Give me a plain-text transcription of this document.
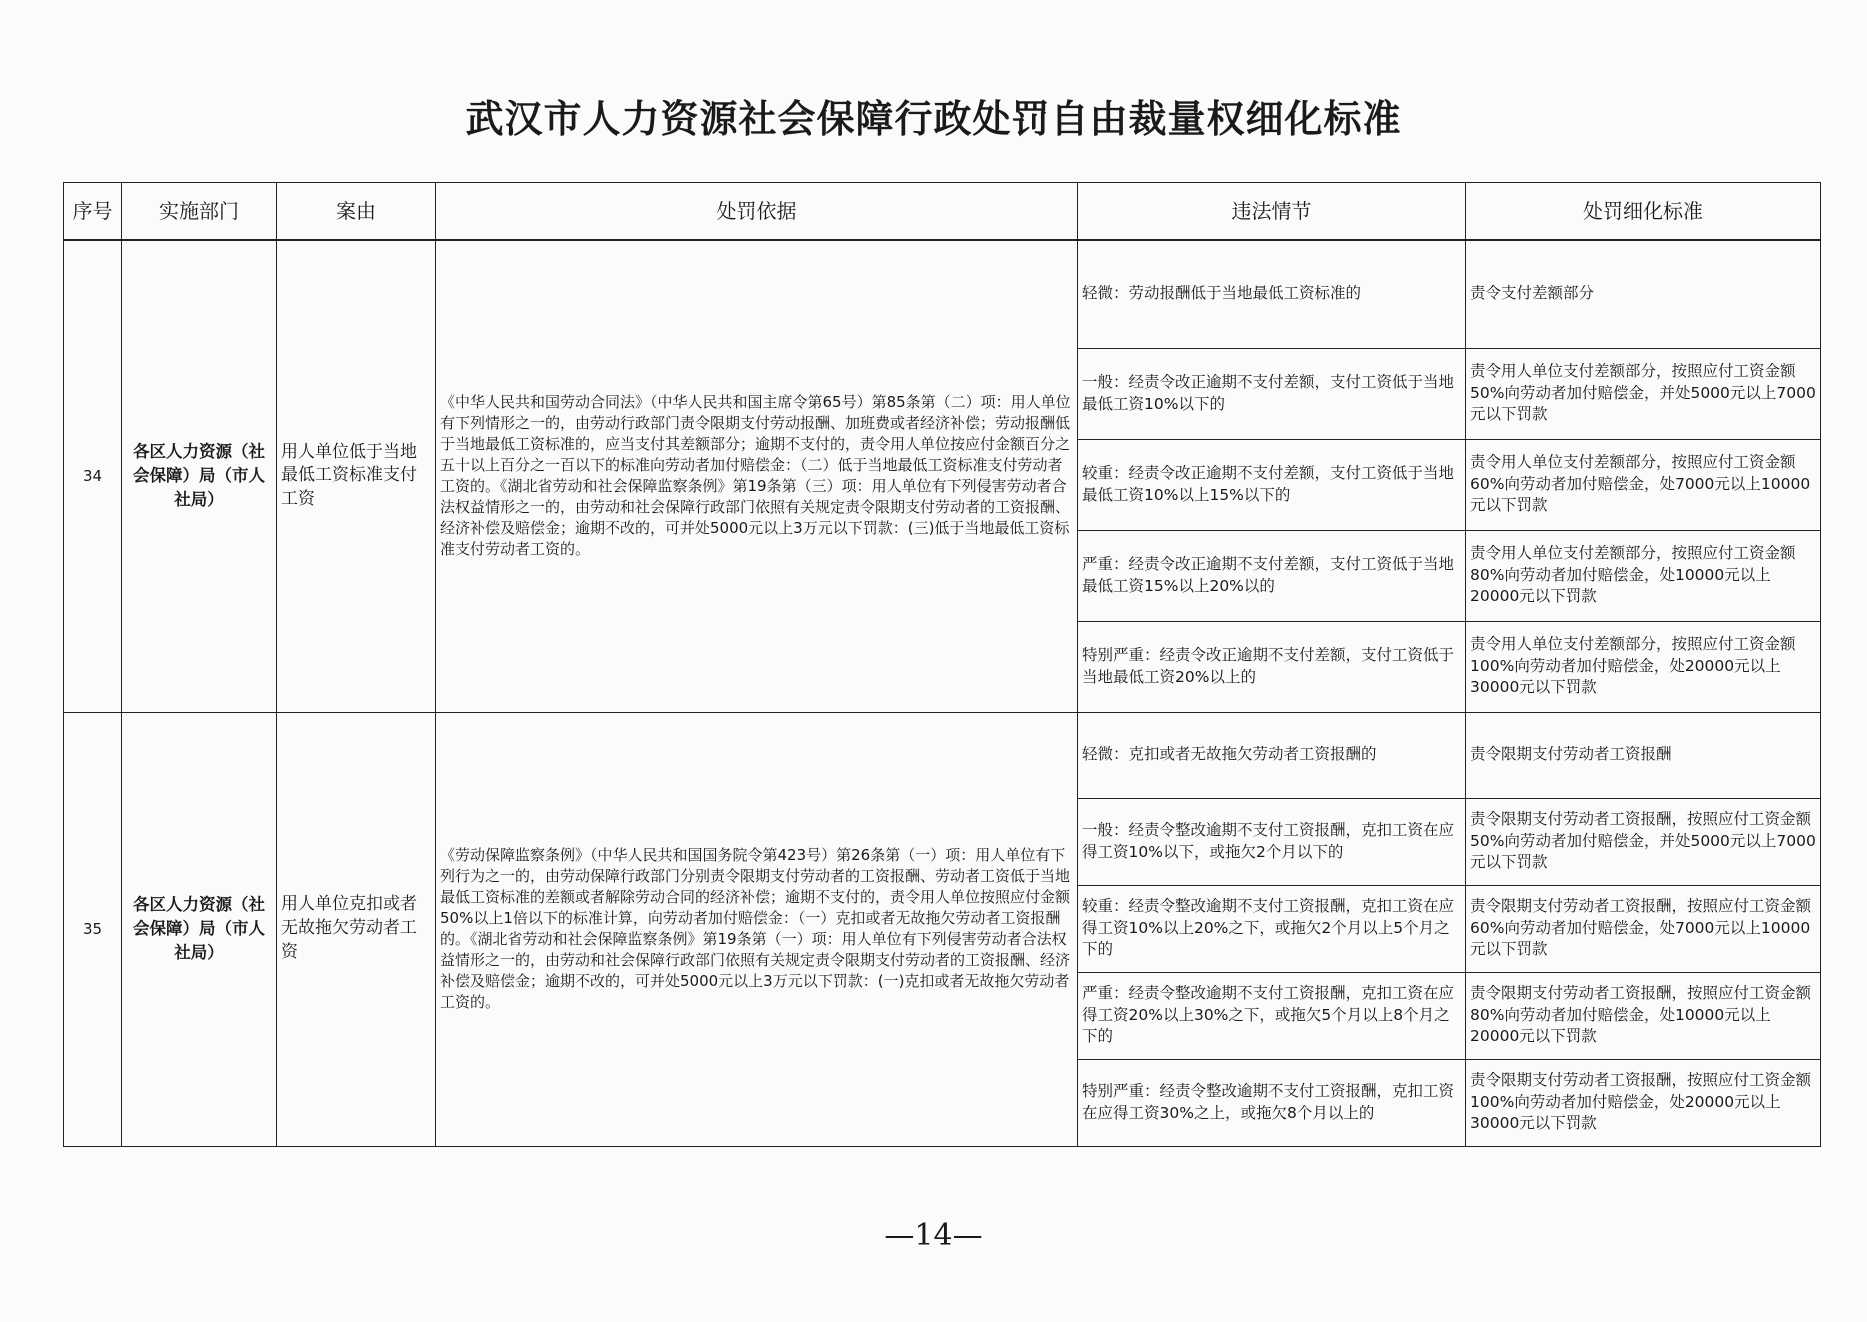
武汉市人力资源社会保障行政处罚自由裁量权细化标准
序号	实施部门	案由	处罚依据	违法情节	处罚细化标准
34	各区人力资源（社会保障）局（市人社局）	用人单位低于当地最低工资标准支付工资	《中华人民共和国劳动合同法》（中华人民共和国主席令第65号）第85条第（二）项：用人单位有下列情形之一的，由劳动行政部门责令限期支付劳动报酬、加班费或者经济补偿；劳动报酬低于当地最低工资标准的，应当支付其差额部分；逾期不支付的，责令用人单位按应付金额百分之五十以上百分之一百以下的标准向劳动者加付赔偿金：（二）低于当地最低工资标准支付劳动者工资的。《湖北省劳动和社会保障监察条例》第19条第（三）项：用人单位有下列侵害劳动者合法权益情形之一的，由劳动和社会保障行政部门依照有关规定责令限期支付劳动者的工资报酬、经济补偿及赔偿金；逾期不改的，可并处5000元以上3万元以下罚款：(三)低于当地最低工资标准支付劳动者工资的。	轻微：劳动报酬低于当地最低工资标准的	责令支付差额部分
				一般：经责令改正逾期不支付差额，支付工资低于当地最低工资10%以下的	责令用人单位支付差额部分，按照应付工资金额50%向劳动者加付赔偿金，并处5000元以上7000元以下罚款
				较重：经责令改正逾期不支付差额，支付工资低于当地最低工资10%以上15%以下的	责令用人单位支付差额部分，按照应付工资金额60%向劳动者加付赔偿金，处7000元以上10000元以下罚款
				严重：经责令改正逾期不支付差额，支付工资低于当地最低工资15%以上20%以的	责令用人单位支付差额部分，按照应付工资金额80%向劳动者加付赔偿金，处10000元以上20000元以下罚款
				特别严重：经责令改正逾期不支付差额，支付工资低于当地最低工资20%以上的	责令用人单位支付差额部分，按照应付工资金额100%向劳动者加付赔偿金，处20000元以上30000元以下罚款
35	各区人力资源（社会保障）局（市人社局）	用人单位克扣或者无故拖欠劳动者工资	《劳动保障监察条例》（中华人民共和国国务院令第423号）第26条第（一）项：用人单位有下列行为之一的，由劳动保障行政部门分别责令限期支付劳动者的工资报酬、劳动者工资低于当地最低工资标准的差额或者解除劳动合同的经济补偿；逾期不支付的，责令用人单位按照应付金额50%以上1倍以下的标准计算，向劳动者加付赔偿金：（一）克扣或者无故拖欠劳动者工资报酬的。《湖北省劳动和社会保障监察条例》第19条第（一）项：用人单位有下列侵害劳动者合法权益情形之一的，由劳动和社会保障行政部门依照有关规定责令限期支付劳动者的工资报酬、经济补偿及赔偿金；逾期不改的，可并处5000元以上3万元以下罚款：(一)克扣或者无故拖欠劳动者工资的。	轻微：克扣或者无故拖欠劳动者工资报酬的	责令限期支付劳动者工资报酬
				一般：经责令整改逾期不支付工资报酬，克扣工资在应得工资10%以下，或拖欠2个月以下的	责令限期支付劳动者工资报酬，按照应付工资金额50%向劳动者加付赔偿金，并处5000元以上7000元以下罚款
				较重：经责令整改逾期不支付工资报酬，克扣工资在应得工资10%以上20%之下，或拖欠2个月以上5个月之下的	责令限期支付劳动者工资报酬，按照应付工资金额60%向劳动者加付赔偿金，处7000元以上10000元以下罚款
				严重：经责令整改逾期不支付工资报酬，克扣工资在应得工资20%以上30%之下，或拖欠5个月以上8个月之下的	责令限期支付劳动者工资报酬，按照应付工资金额80%向劳动者加付赔偿金，处10000元以上20000元以下罚款
				特别严重：经责令整改逾期不支付工资报酬，克扣工资在应得工资30%之上，或拖欠8个月以上的	责令限期支付劳动者工资报酬，按照应付工资金额100%向劳动者加付赔偿金，处20000元以上30000元以下罚款
—14—
